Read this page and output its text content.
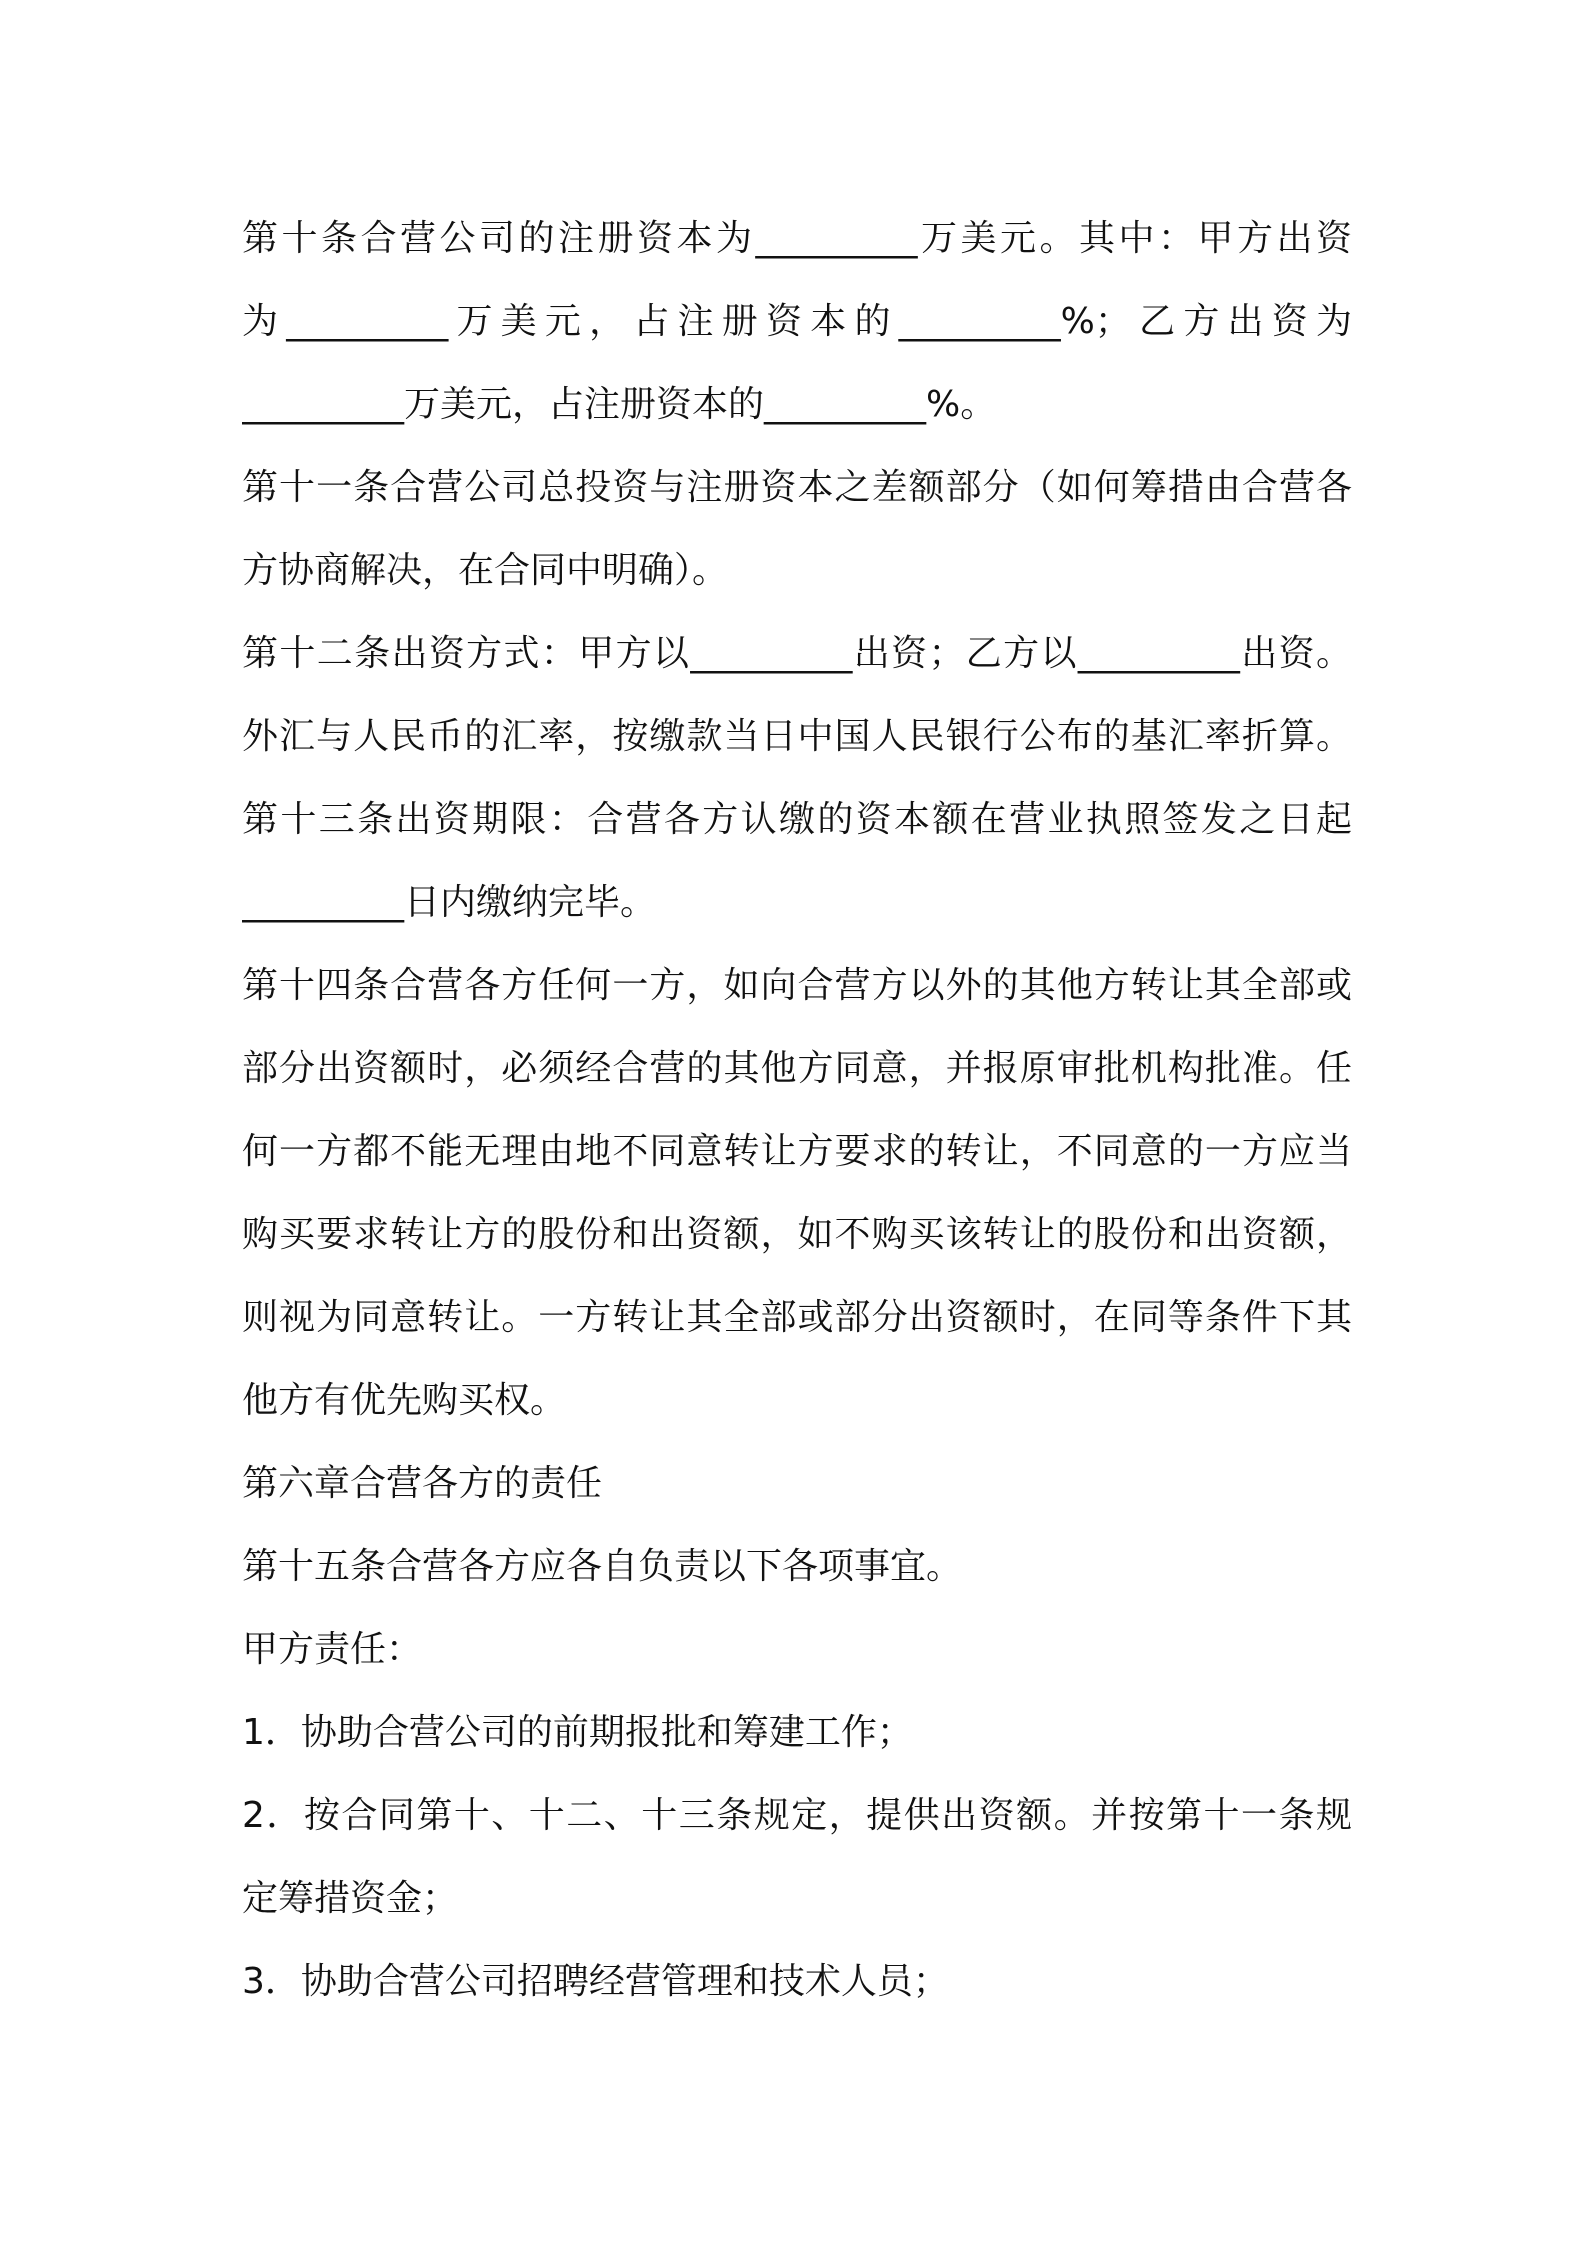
第十条合营公司的注册资本为_________万美元。其中：甲方出资
为_________万美元，占注册资本的_________%；乙方出资为
_________万美元，占注册资本的_________%。
第十一条合营公司总投资与注册资本之差额部分（如何筹措由合营各
方协商解决，在合同中明确）。
第十二条出资方式：甲方以_________出资；乙方以_________出资。
外汇与人民币的汇率，按缴款当日中国人民银行公布的基汇率折算。
第十三条出资期限：合营各方认缴的资本额在营业执照签发之日起
_________日内缴纳完毕。
第十四条合营各方任何一方，如向合营方以外的其他方转让其全部或
部分出资额时，必须经合营的其他方同意，并报原审批机构批准。任
何一方都不能无理由地不同意转让方要求的转让，不同意的一方应当
购买要求转让方的股份和出资额，如不购买该转让的股份和出资额，
则视为同意转让。一方转让其全部或部分出资额时，在同等条件下其
他方有优先购买权。
第六章合营各方的责任
第十五条合营各方应各自负责以下各项事宜。
甲方责任：
1．协助合营公司的前期报批和筹建工作；
2．按合同第十、十二、十三条规定，提供出资额。并按第十一条规
定筹措资金；
3．协助合营公司招聘经营管理和技术人员；
